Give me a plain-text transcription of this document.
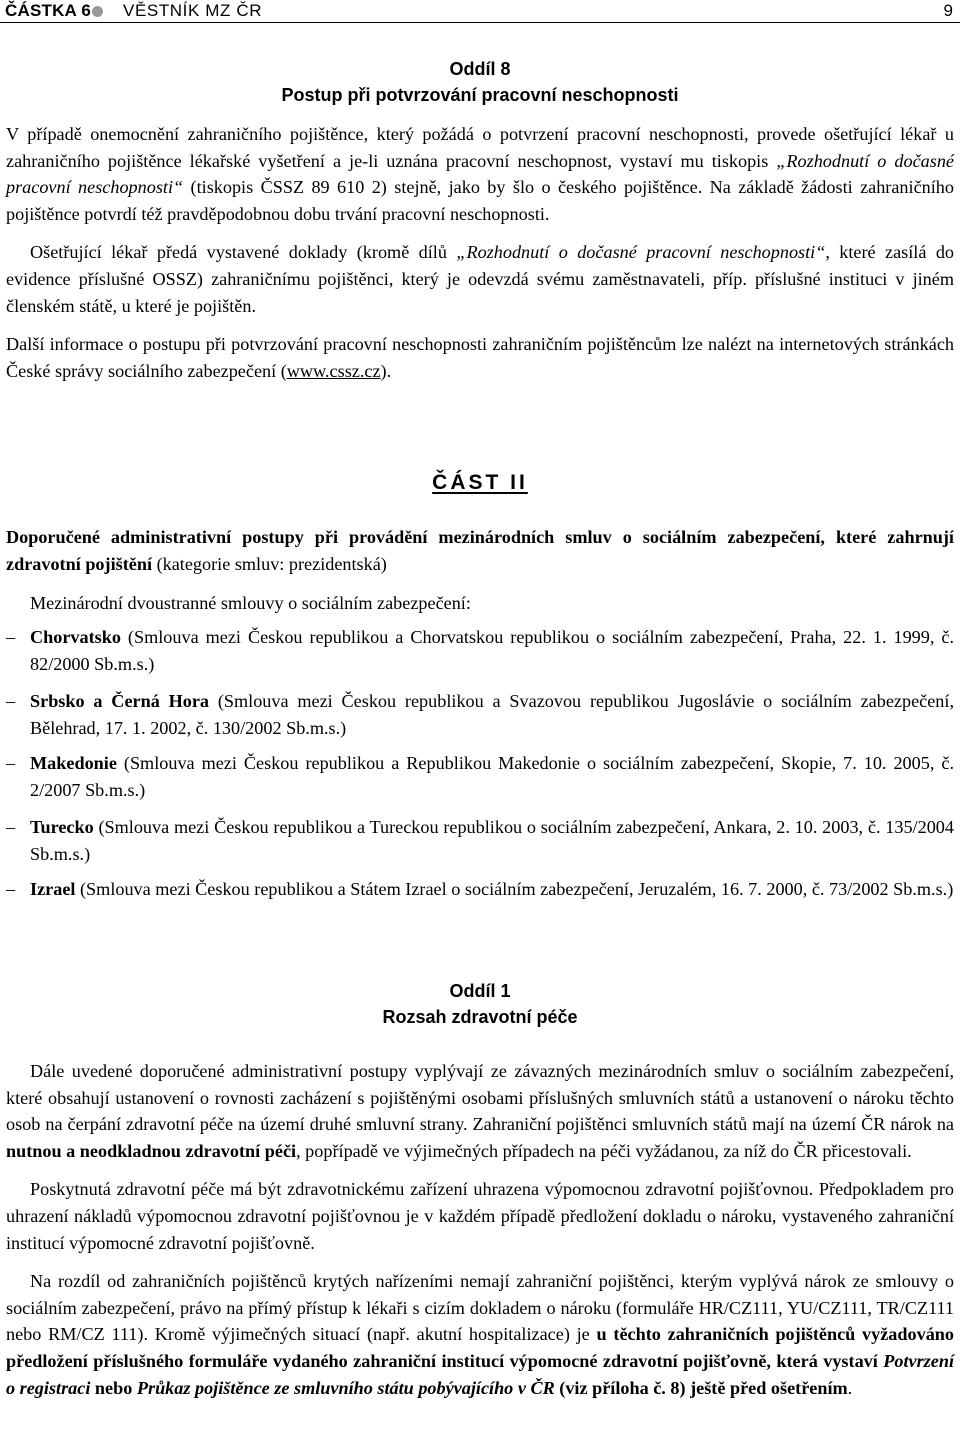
ČÁSTKA 6 VĚSTNÍK MZ ČR	9
Oddíl 8
Postup při potvrzování pracovní neschopnosti

V případě onemocnění zahraničního pojištěnce, který požádá o potvrzení pracovní neschopnosti, provede ošetřující lékař u zahraničního pojištěnce lékařské vyšetření a je-li uznána pracovní neschopnost, vystaví mu tiskopis „Rozhodnutí o dočasné pracovní neschopnosti“ (tiskopis ČSSZ 89 610 2) stejně, jako by šlo o českého pojištěnce. Na základě žádosti zahraničního pojištěnce potvrdí též pravděpodobnou dobu trvání pracovní neschopnosti.

Ošetřující lékař předá vystavené doklady (kromě dílů „Rozhodnutí o dočasné pracovní neschopnosti“, které zasílá do evidence příslušné OSSZ) zahraničnímu pojištěnci, který je odevzdá svému zaměstnavateli, příp. příslušné instituci v jiném členském státě, u které je pojištěn.

Další informace o postupu při potvrzování pracovní neschopnosti zahraničním pojištěncům lze nalézt na internetových stránkách České správy sociálního zabezpečení (www.cssz.cz).

ČÁST II

Doporučené administrativní postupy při provádění mezinárodních smluv o sociálním zabezpečení, které zahrnují zdravotní pojištění (kategorie smluv: prezidentská)

Mezinárodní dvoustranné smlouvy o sociálním zabezpečení:

– Chorvatsko (Smlouva mezi Českou republikou a Chorvatskou republikou o sociálním zabezpečení, Praha, 22. 1. 1999, č. 82/2000 Sb.m.s.)
– Srbsko a Černá Hora (Smlouva mezi Českou republikou a Svazovou republikou Jugoslávie o sociálním zabezpečení, Bělehrad, 17. 1. 2002, č. 130/2002 Sb.m.s.)
– Makedonie (Smlouva mezi Českou republikou a Republikou Makedonie o sociálním zabezpečení, Skopie, 7. 10. 2005, č. 2/2007 Sb.m.s.)
– Turecko (Smlouva mezi Českou republikou a Tureckou republikou o sociálním zabezpečení, Ankara, 2. 10. 2003, č. 135/2004 Sb.m.s.)
– Izrael (Smlouva mezi Českou republikou a Státem Izrael o sociálním zabezpečení, Jeruzalém, 16. 7. 2000, č. 73/2002 Sb.m.s.)
Oddíl 1
Rozsah zdravotní péče

Dále uvedené doporučené administrativní postupy vyplývají ze závazných mezinárodních smluv o sociálním zabezpečení, které obsahují ustanovení o rovnosti zacházení s pojištěnými osobami příslušných smluvních států a ustanovení o nároku těchto osob na čerpání zdravotní péče na území druhé smluvní strany. Zahraniční pojištěnci smluvních států mají na území ČR nárok na nutnou a neodkladnou zdravotní péči, popřípadě ve výjimečných případech na péči vyžádanou, za níž do ČR přicestovali.

Poskytnutá zdravotní péče má být zdravotnickému zařízení uhrazena výpomocnou zdravotní pojišťovnou. Předpokladem pro uhrazení nákladů výpomocnou zdravotní pojišťovnou je v každém případě předložení dokladu o nároku, vystaveného zahraniční institucí výpomocné zdravotní pojišťovně.

Na rozdíl od zahraničních pojištěnců krytých nařízeními nemají zahraniční pojištěnci, kterým vyplývá nárok ze smlouvy o sociálním zabezpečení, právo na přímý přístup k lékaři s cizím dokladem o nároku (formuláře HR/CZ111, YU/CZ111, TR/CZ111 nebo RM/CZ 111). Kromě výjimečných situací (např. akutní hospitalizace) je u těchto zahraničních pojištěnců vyžadováno předložení příslušného formuláře vydaného zahraniční institucí výpomocné zdravotní pojišťovně, která vystaví Potvrzení o registraci nebo Průkaz pojištěnce ze smluvního státu pobývajícího v ČR (viz příloha č. 8) ještě před ošetřením.
